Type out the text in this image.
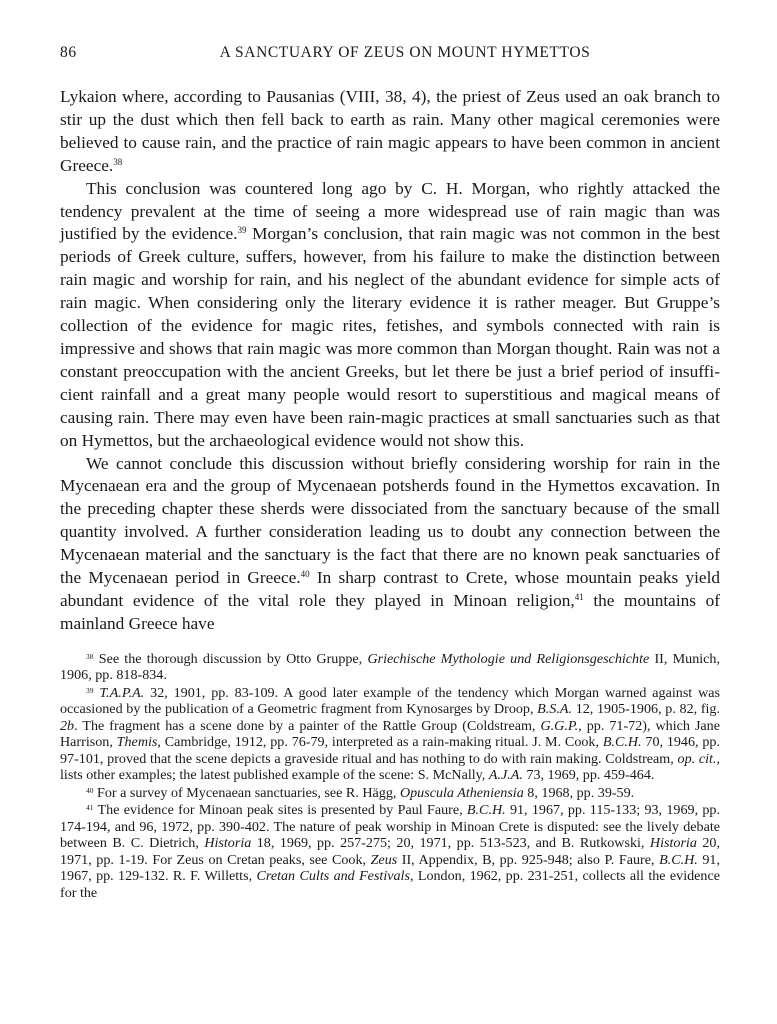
86	A SANCTUARY OF ZEUS ON MOUNT HYMETTOS

Lykaion where, according to Pausanias (VIII, 38, 4), the priest of Zeus used an oak branch to stir up the dust which then fell back to earth as rain. Many other magical ceremonies were believed to cause rain, and the practice of rain magic appears to have been common in ancient Greece.$^{38}$

This conclusion was countered long ago by C. H. Morgan, who rightly attacked the tendency prevalent at the time of seeing a more widespread use of rain magic than was justified by the evidence.$^{39}$ Morgan’s conclusion, that rain magic was not common in the best periods of Greek culture, suffers, however, from his failure to make the distinction between rain magic and worship for rain, and his neglect of the abundant evidence for simple acts of rain magic. When considering only the literary evidence it is rather meager. But Gruppe’s collection of the evidence for magic rites, fetishes, and symbols connected with rain is impressive and shows that rain magic was more common than Morgan thought. Rain was not a constant preoccupation with the ancient Greeks, but let there be just a brief period of insufficient rainfall and a great many people would resort to superstitious and magical means of causing rain. There may even have been rain-magic practices at small sanctuaries such as that on Hymettos, but the archaeological evidence would not show this.

We cannot conclude this discussion without briefly considering worship for rain in the Mycenaean era and the group of Mycenaean potsherds found in the Hymettos excavation. In the preceding chapter these sherds were dissociated from the sanctuary because of the small quantity involved. A further consideration leading us to doubt any connection between the Mycenaean material and the sanctuary is the fact that there are no known peak sanctuaries of the Mycenaean period in Greece.$^{40}$ In sharp contrast to Crete, whose mountain peaks yield abundant evidence of the vital role they played in Minoan religion,$^{41}$ the mountains of mainland Greece have

$^{38}$ See the thorough discussion by Otto Gruppe, Griechische Mythologie und Religionsgeschichte II, Munich, 1906, pp. 818-834.

$^{39}$ T.A.P.A. 32, 1901, pp. 83-109. A good later example of the tendency which Morgan warned against was occasioned by the publication of a Geometric fragment from Kynosarges by Droop, B.S.A. 12, 1905-1906, p. 82, fig. 2b. The fragment has a scene done by a painter of the Rattle Group (Coldstream, G.G.P., pp. 71-72), which Jane Harrison, Themis, Cambridge, 1912, pp. 76-79, interpreted as a rain-making ritual. J. M. Cook, B.C.H. 70, 1946, pp. 97-101, proved that the scene depicts a graveside ritual and has nothing to do with rain making. Coldstream, op. cit., lists other examples; the latest published example of the scene: S. McNally, A.J.A. 73, 1969, pp. 459-464.

$^{40}$ For a survey of Mycenaean sanctuaries, see R. Hägg, Opuscula Atheniensia 8, 1968, pp. 39-59.

$^{41}$ The evidence for Minoan peak sites is presented by Paul Faure, B.C.H. 91, 1967, pp. 115-133; 93, 1969, pp. 174-194, and 96, 1972, pp. 390-402. The nature of peak worship in Minoan Crete is disputed: see the lively debate between B. C. Dietrich, Historia 18, 1969, pp. 257-275; 20, 1971, pp. 513-523, and B. Rutkowski, Historia 20, 1971, pp. 1-19. For Zeus on Cretan peaks, see Cook, Zeus II, Appendix, B, pp. 925-948; also P. Faure, B.C.H. 91, 1967, pp. 129-132. R. F. Willetts, Cretan Cults and Festivals, London, 1962, pp. 231-251, collects all the evidence for the
